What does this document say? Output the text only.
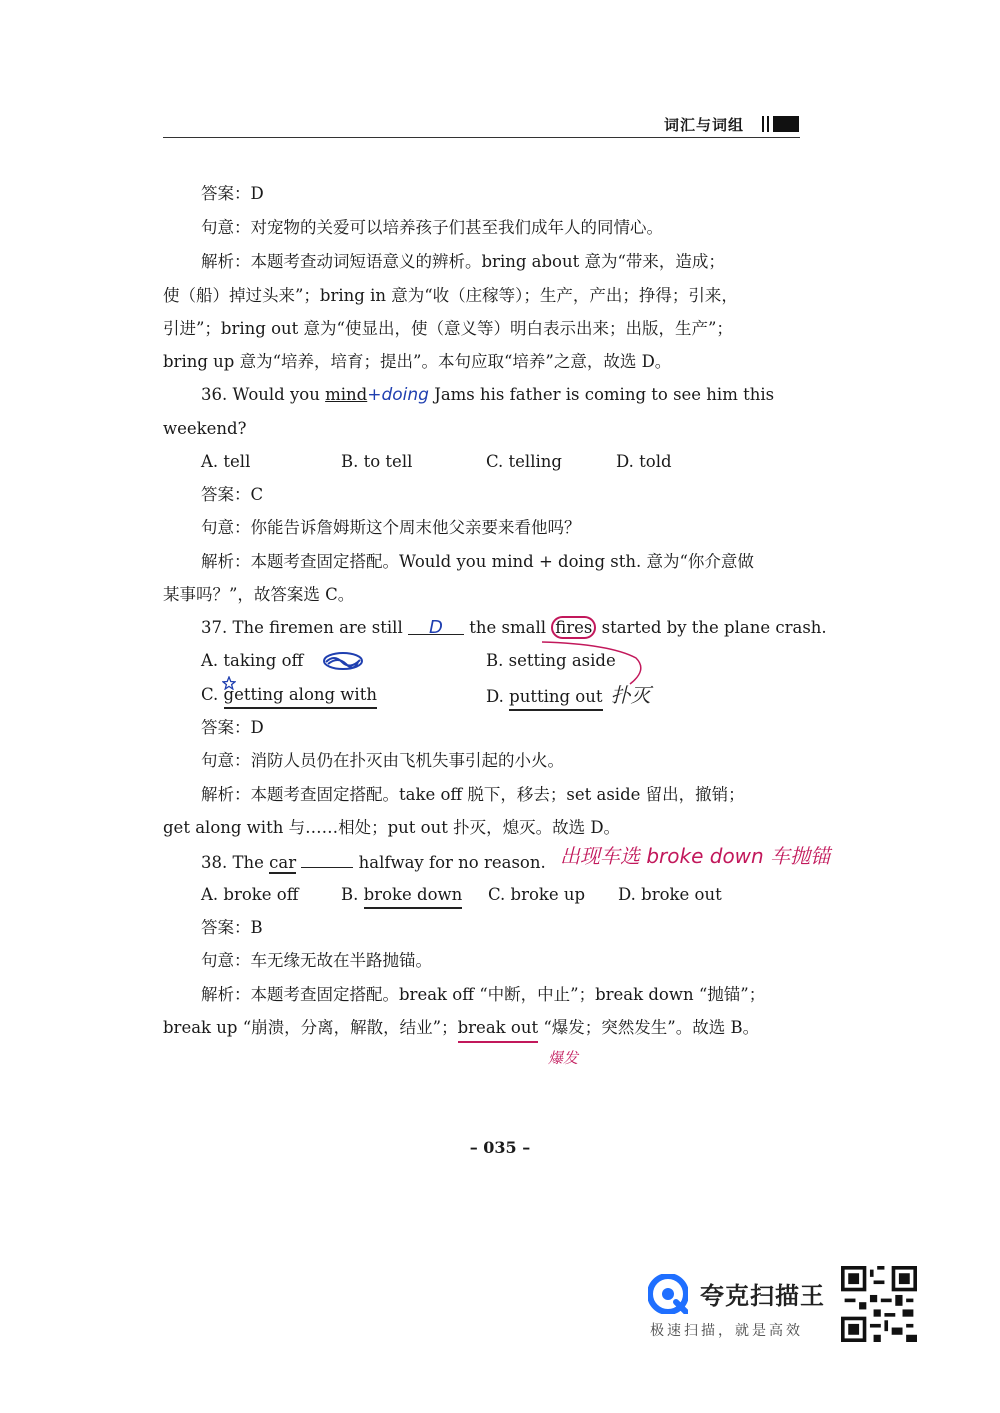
词汇与词组
答案：D
句意：对宠物的关爱可以培养孩子们甚至我们成年人的同情心。
解析：本题考查动词短语意义的辨析。bring about 意为“带来，造成；
使（船）掉过头来”；bring in 意为“收（庄稼等）；生产，产出；挣得；引来，
引进”；bring out 意为“使显出，使（意义等）明白表示出来；出版，生产”；
bring up 意为“培养，培育；提出”。本句应取“培养”之意，故选 D。
36. Would you mind+doing Jams his father is coming to see him this
weekend?
A. tell	B. to tell	C. telling	D. told
答案：C
句意：你能告诉詹姆斯这个周末他父亲要来看他吗？
解析：本题考查固定搭配。Would you mind + doing sth. 意为“你介意做
某事吗？”，故答案选 C。
37. The firemen are still D the small fires started by the plane crash.
A. taking off	B. setting aside
C. getting along with	D. putting out 扑灭
答案：D
句意：消防人员仍在扑灭由飞机失事引起的小火。
解析：本题考查固定搭配。take off 脱下，移去；set aside 留出，撤销；
get along with 与……相处；put out 扑灭，熄灭。故选 D。
38. The car	halfway for no reason. 出现车选 broke down 车抛锚
A. broke off	B. broke down C. broke up D. broke out
答案：B
句意：车无缘无故在半路抛锚。
解析：本题考查固定搭配。break off “中断，中止”；break down “抛锚”；
break up “崩溃，分离，解散，结业”；break out “爆发；突然发生”。故选 B。
爆发
– 035 –
夸克扫描王
极速扫描，就是高效
